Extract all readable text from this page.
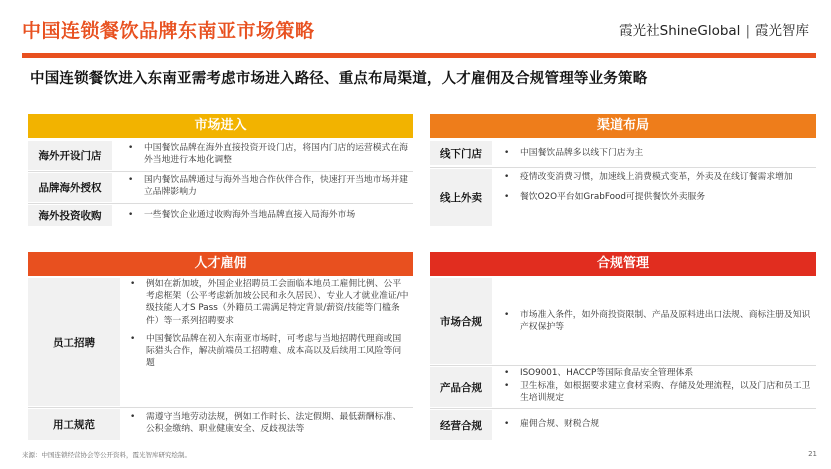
中国连锁餐饮品牌东南亚市场策略	霞光社ShineGlobal | 霞光智库
中国连锁餐饮进入东南亚需考虑市场进入路径、重点布局渠道，人才雇佣及合规管理等业务策略
市场进入
海外开设门店
• 中国餐饮品牌在海外直接投资开设门店，将国内门店的运营模式在海外当地进行本地化调整
品牌海外授权
• 国内餐饮品牌通过与海外当地合作伙伴合作，快速打开当地市场并建立品牌影响力
海外投资收购	• 一些餐饮企业通过收购海外当地品牌直接入局海外市场
渠道布局
线下门店	• 中国餐饮品牌多以线下门店为主
线上外卖
• 疫情改变消费习惯，加速线上消费模式变革，外卖及在线订餐需求增加
• 餐饮O2O平台如GrabFood可提供餐饮外卖服务
人才雇佣
员工招聘
• 例如在新加坡，外国企业招聘员工会面临本地员工雇佣比例、公平考虑框架（公平考虑新加坡公民和永久居民）、专业人才就业准证/中级技能人才S Pass（外籍员工需满足特定背景/薪资/技能等门槛条件）等一系列招聘要求
• 中国餐饮品牌在初入东南亚市场时，可考虑与当地招聘代理商或国际猎头合作，解决前端员工招聘难、成本高以及后续用工风险等问题
用工规范
• 需遵守当地劳动法规，例如工作时长、法定假期、最低薪酬标准、公积金缴纳、职业健康安全、反歧视法等
合规管理
市场合规
• 市场准入条件，如外商投资限制、产品及原料进出口法规、商标注册及知识产权保护等
产品合规
• ISO9001、HACCP等国际食品安全管理体系
• 卫生标准，如根据要求建立食材采购、存储及处理流程，以及门店和员工卫生培训规定
经营合规	• 雇佣合规、财税合规
来源：中国连锁经营协会等公开资料，霞光智库研究绘制。	21
